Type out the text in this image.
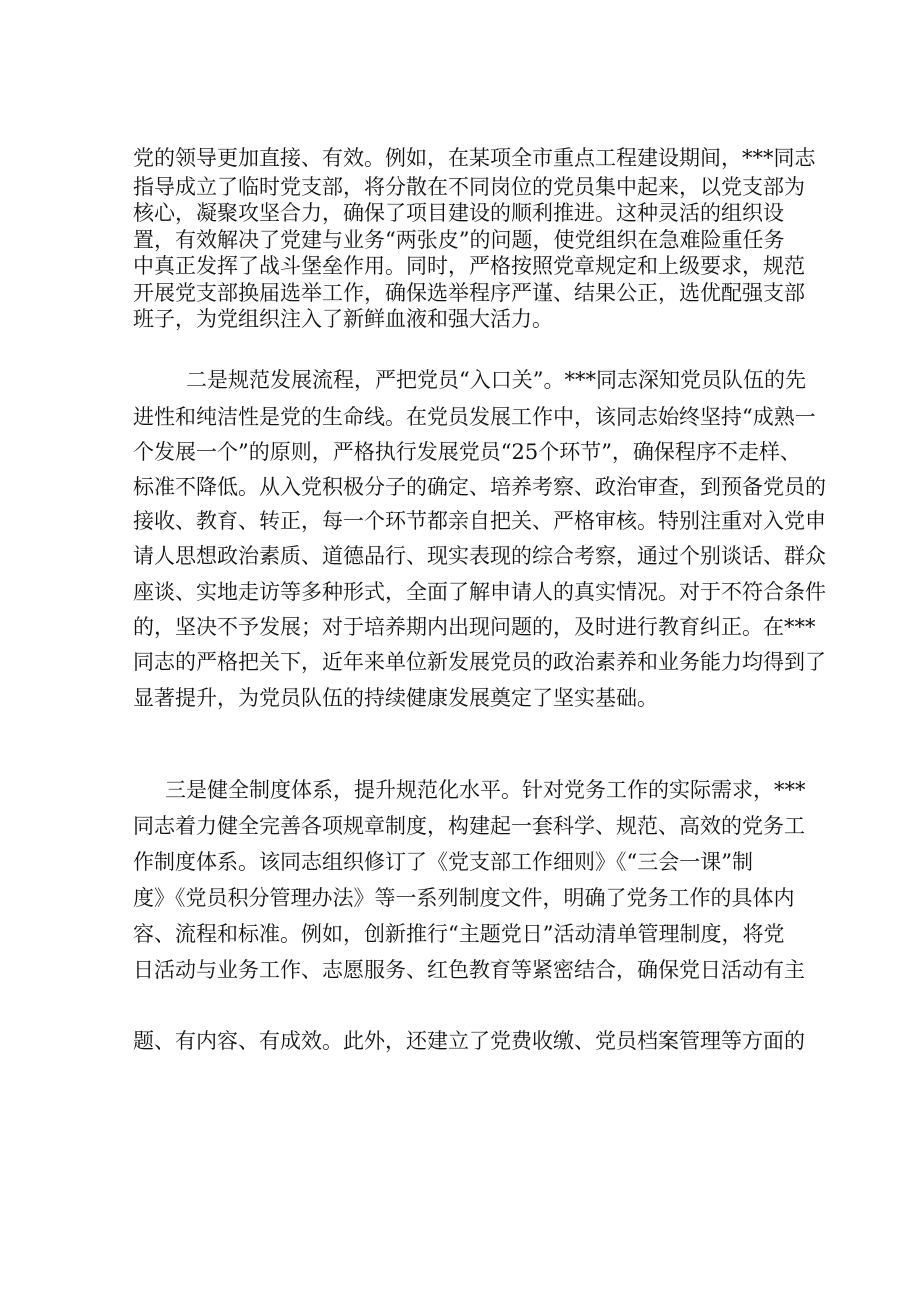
党的领导更加直接、有效。例如，在某项全市重点工程建设期间，***同志

指导成立了临时党支部，将分散在不同岗位的党员集中起来，以党支部为

核心，凝聚攻坚合力，确保了项目建设的顺利推进。这种灵活的组织设

置，有效解决了党建与业务“两张皮”的问题，使党组织在急难险重任务

中真正发挥了战斗堡垒作用。同时，严格按照党章规定和上级要求，规范

开展党支部换届选举工作，确保选举程序严谨、结果公正，选优配强支部

班子，为党组织注入了新鲜血液和强大活力。

二是规范发展流程，严把党员“入口关”。***同志深知党员队伍的先

进性和纯洁性是党的生命线。在党员发展工作中，该同志始终坚持“成熟一

个发展一个”的原则，严格执行发展党员“25个环节”，确保程序不走样、

标准不降低。从入党积极分子的确定、培养考察、政治审查，到预备党员的

接收、教育、转正，每一个环节都亲自把关、严格审核。特别注重对入党申

请人思想政治素质、道德品行、现实表现的综合考察，通过个别谈话、群众

座谈、实地走访等多种形式，全面了解申请人的真实情况。对于不符合条件

的，坚决不予发展；对于培养期内出现问题的，及时进行教育纠正。在***

同志的严格把关下，近年来单位新发展党员的政治素养和业务能力均得到了

显著提升，为党员队伍的持续健康发展奠定了坚实基础。

三是健全制度体系，提升规范化水平。针对党务工作的实际需求，***

同志着力健全完善各项规章制度，构建起一套科学、规范、高效的党务工

作制度体系。该同志组织修订了《党支部工作细则》《“三会一课”制

度》《党员积分管理办法》等一系列制度文件，明确了党务工作的具体内

容、流程和标准。例如，创新推行“主题党日”活动清单管理制度，将党

日活动与业务工作、志愿服务、红色教育等紧密结合，确保党日活动有主

题、有内容、有成效。此外，还建立了党费收缴、党员档案管理等方面的
